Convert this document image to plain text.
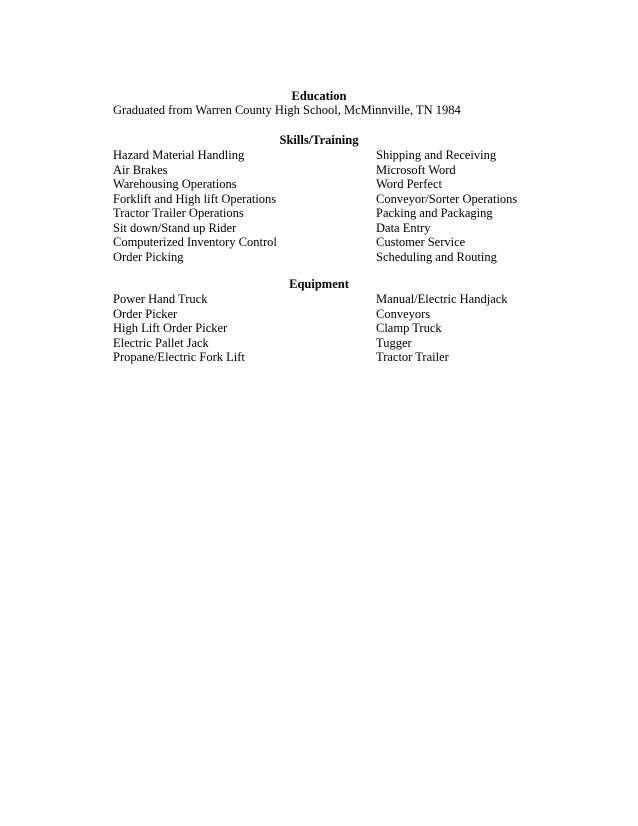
Education
Graduated from Warren County High School, McMinnville, TN 1984
Skills/Training
Hazard Material Handling
Air Brakes
Warehousing Operations
Forklift and High lift Operations
Tractor Trailer Operations
Sit down/Stand up Rider
Computerized Inventory Control
Order Picking
Shipping and Receiving
Microsoft Word
Word Perfect
Conveyor/Sorter Operations
Packing and Packaging
Data Entry
Customer Service
Scheduling and Routing
Equipment
Power Hand Truck
Order Picker
High Lift Order Picker
Electric Pallet Jack
Propane/Electric Fork Lift
Manual/Electric Handjack
Conveyors
Clamp Truck
Tugger
Tractor Trailer
